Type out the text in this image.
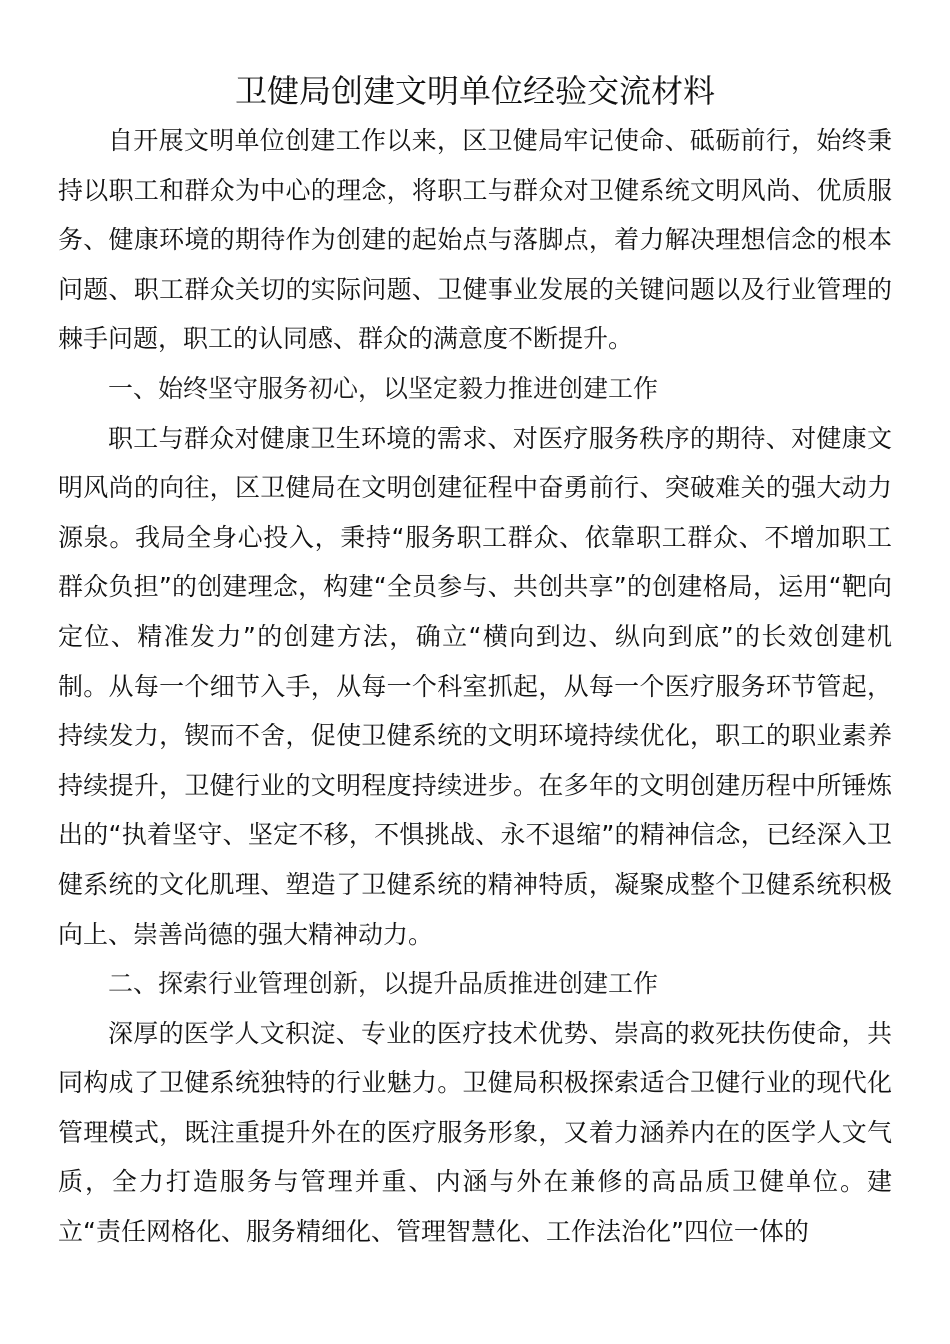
卫健局创建文明单位经验交流材料

自开展文明单位创建工作以来，区卫健局牢记使命、砥砺前行，始终秉持以职工和群众为中心的理念，将职工与群众对卫健系统文明风尚、优质服务、健康环境的期待作为创建的起始点与落脚点，着力解决理想信念的根本问题、职工群众关切的实际问题、卫健事业发展的关键问题以及行业管理的棘手问题，职工的认同感、群众的满意度不断提升。

一、始终坚守服务初心，以坚定毅力推进创建工作

职工与群众对健康卫生环境的需求、对医疗服务秩序的期待、对健康文明风尚的向往，区卫健局在文明创建征程中奋勇前行、突破难关的强大动力源泉。我局全身心投入，秉持“服务职工群众、依靠职工群众、不增加职工群众负担”的创建理念，构建“全员参与、共创共享”的创建格局，运用“靶向定位、精准发力”的创建方法，确立“横向到边、纵向到底”的长效创建机制。从每一个细节入手，从每一个科室抓起，从每一个医疗服务环节管起，持续发力，锲而不舍，促使卫健系统的文明环境持续优化，职工的职业素养持续提升，卫健行业的文明程度持续进步。在多年的文明创建历程中所锤炼出的“执着坚守、坚定不移，不惧挑战、永不退缩”的精神信念，已经深入卫健系统的文化肌理、塑造了卫健系统的精神特质，凝聚成整个卫健系统积极向上、崇善尚德的强大精神动力。

二、探索行业管理创新，以提升品质推进创建工作

深厚的医学人文积淀、专业的医疗技术优势、崇高的救死扶伤使命，共同构成了卫健系统独特的行业魅力。卫健局积极探索适合卫健行业的现代化管理模式，既注重提升外在的医疗服务形象，又着力涵养内在的医学人文气质，全力打造服务与管理并重、内涵与外在兼修的高品质卫健单位。建立“责任网格化、服务精细化、管理智慧化、工作法治化”四位一体的
